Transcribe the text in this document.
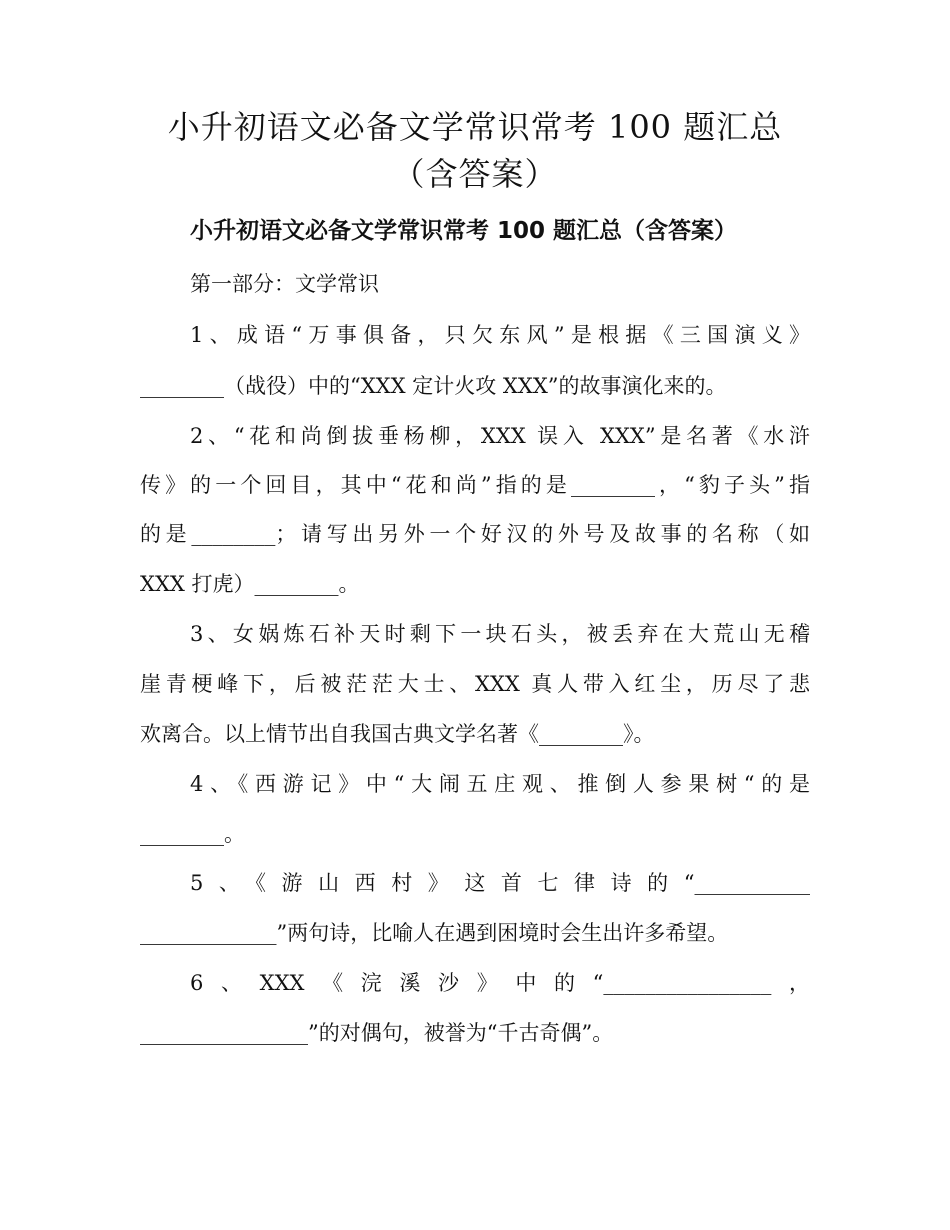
小升初语文必备文学常识常考 100 题汇总
（含答案）
小升初语文必备文学常识常考 100 题汇总（含答案）

第一部分：文学常识

1、成语“万事俱备，只欠东风”是根据《三国演义》

________（战役）中的“XXX 定计火攻 XXX”的故事演化来的。

2、“花和尚倒拔垂杨柳，XXX 误入 XXX”是名著《水浒

传》的一个回目，其中“花和尚”指的是________，“豹子头”指

的是________；请写出另外一个好汉的外号及故事的名称（如

XXX 打虎）________。

3、女娲炼石补天时剩下一块石头，被丢弃在大荒山无稽

崖青梗峰下，后被茫茫大士、XXX 真人带入红尘，历尽了悲

欢离合。以上情节出自我国古典文学名著《________》。

4、《西游记》中“大闹五庄观、推倒人参果树“的是

________。

5、《游山西村》这首七律诗的“___________

_____________”两句诗，比喻人在遇到困境时会生出许多希望。

6、XXX《浣溪沙》中的“________________，

________________”的对偶句，被誉为“千古奇偶”。
